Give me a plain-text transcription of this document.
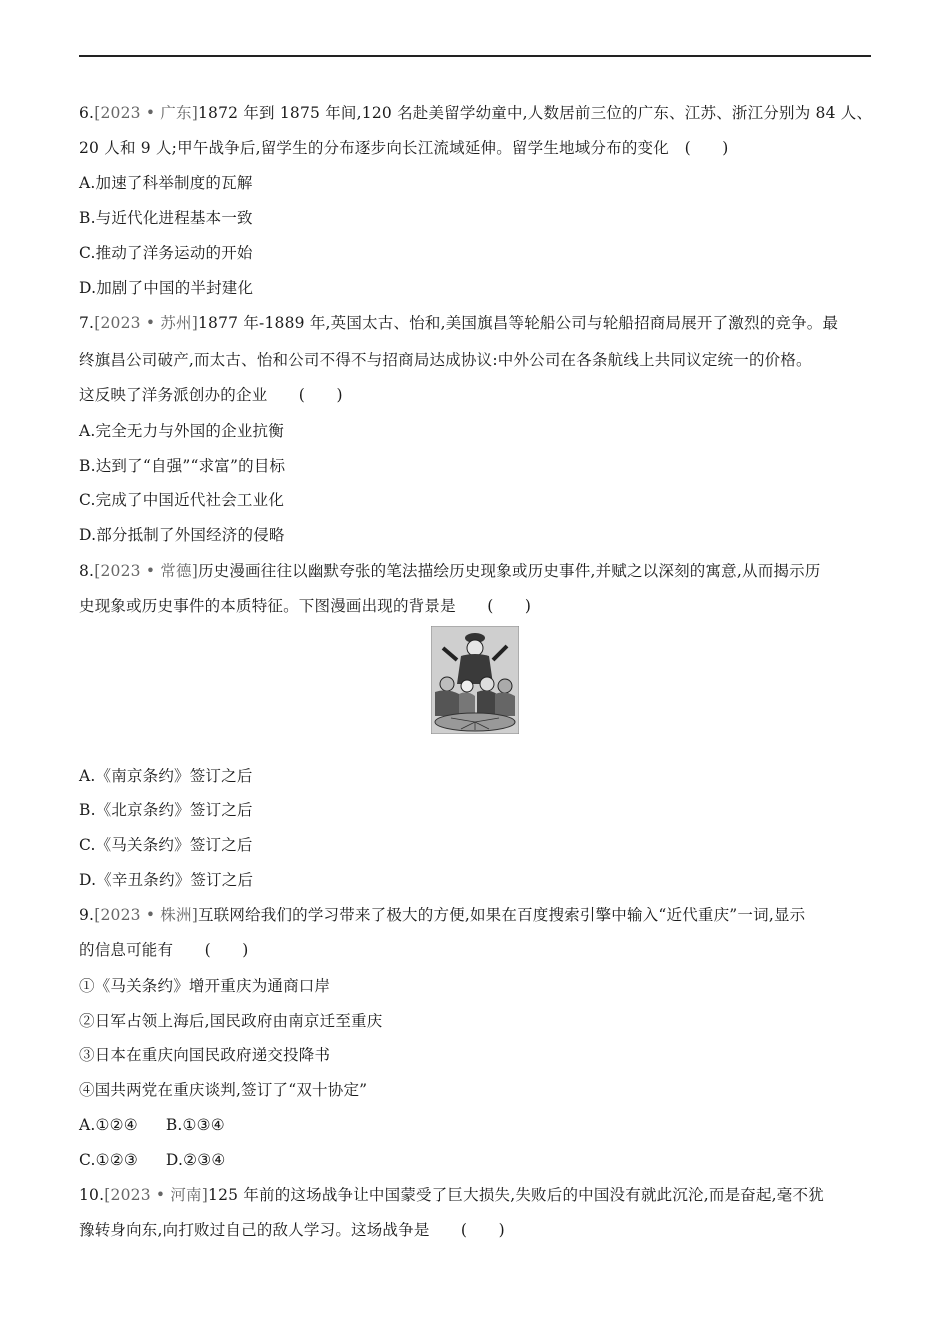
6.[2023 • 广东]1872 年到 1875 年间,120 名赴美留学幼童中,人数居前三位的广东、江苏、浙江分别为 84 人、
20 人和 9 人;甲午战争后,留学生的分布逐步向长江流域延伸。留学生地域分布的变化　(　　)
A.加速了科举制度的瓦解
B.与近代化进程基本一致
C.推动了洋务运动的开始
D.加剧了中国的半封建化
7.[2023 • 苏州]1877 年-1889 年,英国太古、怡和,美国旗昌等轮船公司与轮船招商局展开了激烈的竞争。最
终旗昌公司破产,而太古、怡和公司不得不与招商局达成协议:中外公司在各条航线上共同议定统一的价格。
这反映了洋务派创办的企业　　(　　)
A.完全无力与外国的企业抗衡
B.达到了“自强”“求富”的目标
C.完成了中国近代社会工业化
D.部分抵制了外国经济的侵略
8.[2023 • 常德]历史漫画往往以幽默夸张的笔法描绘历史现象或历史事件,并赋之以深刻的寓意,从而揭示历
史现象或历史事件的本质特征。下图漫画出现的背景是　　(　　)
A.《南京条约》签订之后
B.《北京条约》签订之后
C.《马关条约》签订之后
D.《辛丑条约》签订之后
9.[2023 • 株洲]互联网给我们的学习带来了极大的方便,如果在百度搜索引擎中输入“近代重庆”一词,显示
的信息可能有　　(　　)
①《马关条约》增开重庆为通商口岸
②日军占领上海后,国民政府由南京迁至重庆
③日本在重庆向国民政府递交投降书
④国共两党在重庆谈判,签订了“双十协定”
A.①②④ B.①③④
C.①②③ D.②③④
10.[2023 • 河南]125 年前的这场战争让中国蒙受了巨大损失,失败后的中国没有就此沉沦,而是奋起,毫不犹
豫转身向东,向打败过自己的敌人学习。这场战争是　　(　　)
